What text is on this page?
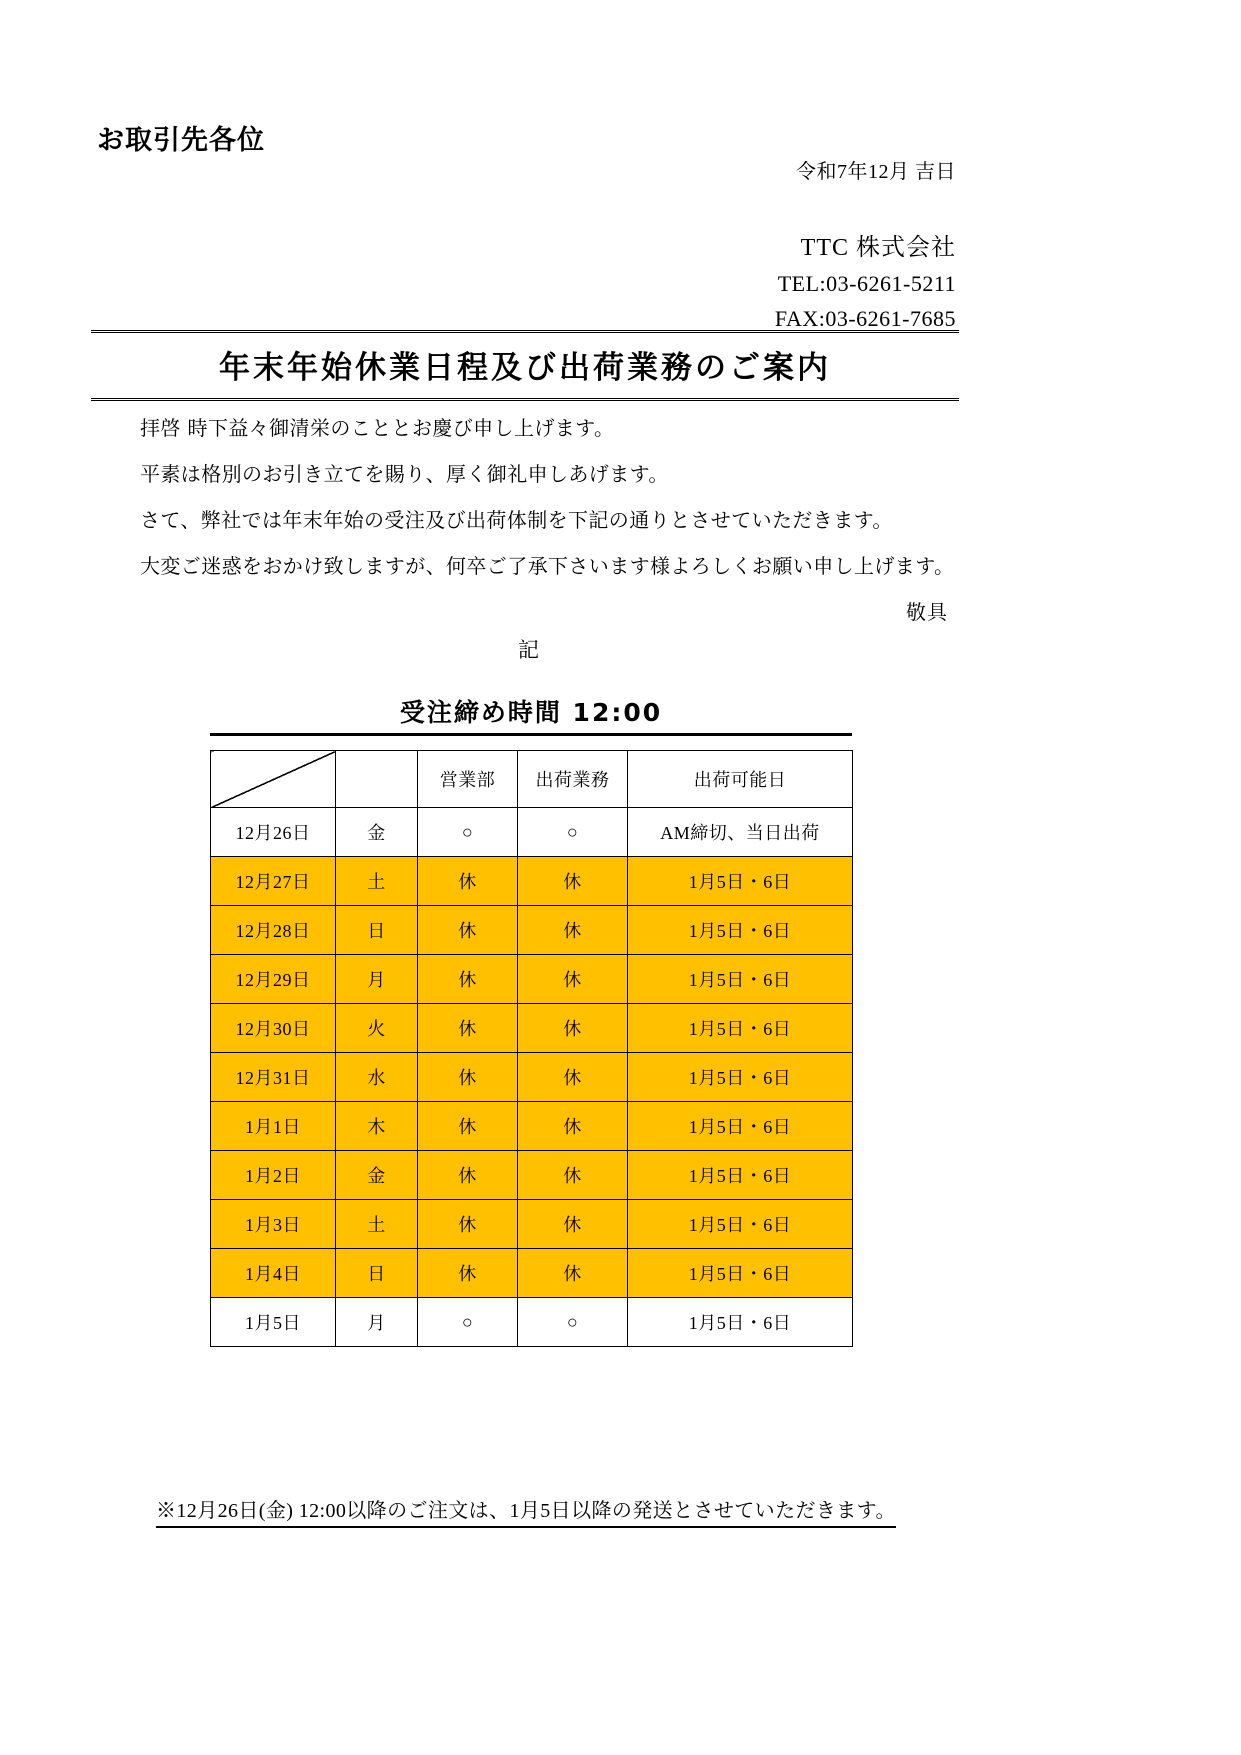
お取引先各位
令和7年12月 吉日
TTC 株式会社
TEL:03-6261-5211
FAX:03-6261-7685
年末年始休業日程及び出荷業務のご案内
拝啓 時下益々御清栄のこととお慶び申し上げます。
平素は格別のお引き立てを賜り、厚く御礼申しあげます。
さて、弊社では年末年始の受注及び出荷体制を下記の通りとさせていただきます。
大変ご迷惑をおかけ致しますが、何卒ご了承下さいます様よろしくお願い申し上げます。
敬具
記
受注締め時間 12:00
		営業部	出荷業務	出荷可能日
12月26日	金	○	○	AM締切、当日出荷
12月27日	土	休	休	1月5日・6日
12月28日	日	休	休	1月5日・6日
12月29日	月	休	休	1月5日・6日
12月30日	火	休	休	1月5日・6日
12月31日	水	休	休	1月5日・6日
1月1日	木	休	休	1月5日・6日
1月2日	金	休	休	1月5日・6日
1月3日	土	休	休	1月5日・6日
1月4日	日	休	休	1月5日・6日
1月5日	月	○	○	1月5日・6日
※12月26日(金) 12:00以降のご注文は、1月5日以降の発送とさせていただきます。
